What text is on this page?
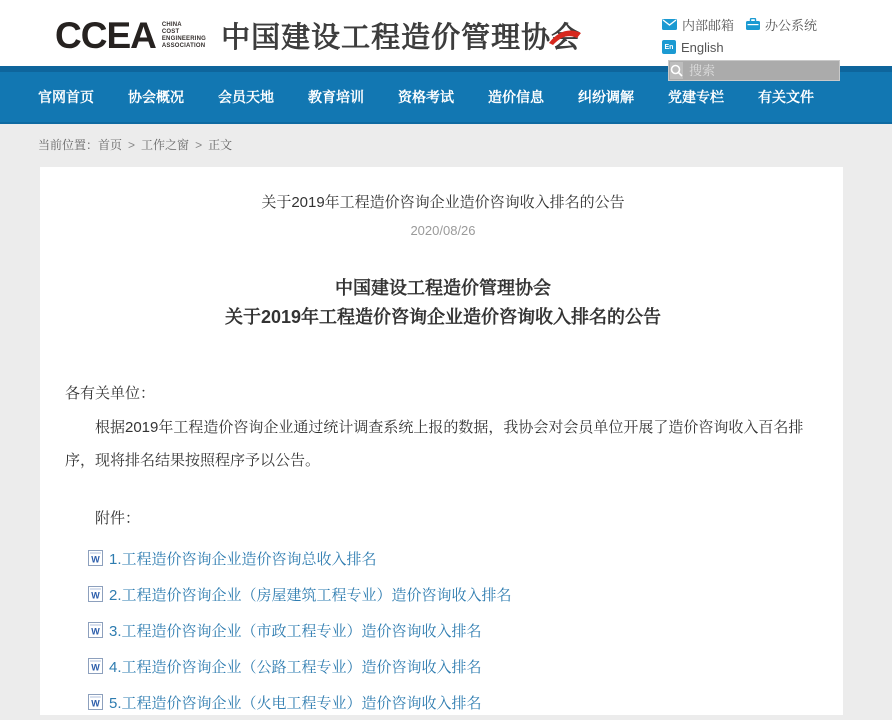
CCEA CHINA
COST
ENGINEERING
ASSOCIATION 中国建设工程造价管理协会	内部邮箱 办公系统
En English
搜索
官网首页 协会概况 会员天地 教育培训 资格考试 造价信息 纠纷调解 党建专栏 有关文件
当前位置：首页 > 工作之窗 > 正文
关于2019年工程造价咨询企业造价咨询收入排名的公告
2020/08/26
中国建设工程造价管理协会
关于2019年工程造价咨询企业造价咨询收入排名的公告
各有关单位：
根据2019年工程造价咨询企业通过统计调查系统上报的数据，我协会对会员单位开展了造价咨询收入百名排序，现将排名结果按照程序予以公告。
附件：
W 1.工程造价咨询企业造价咨询总收入排名
W 2.工程造价咨询企业（房屋建筑工程专业）造价咨询收入排名
W 3.工程造价咨询企业（市政工程专业）造价咨询收入排名
W 4.工程造价咨询企业（公路工程专业）造价咨询收入排名
W 5.工程造价咨询企业（火电工程专业）造价咨询收入排名
